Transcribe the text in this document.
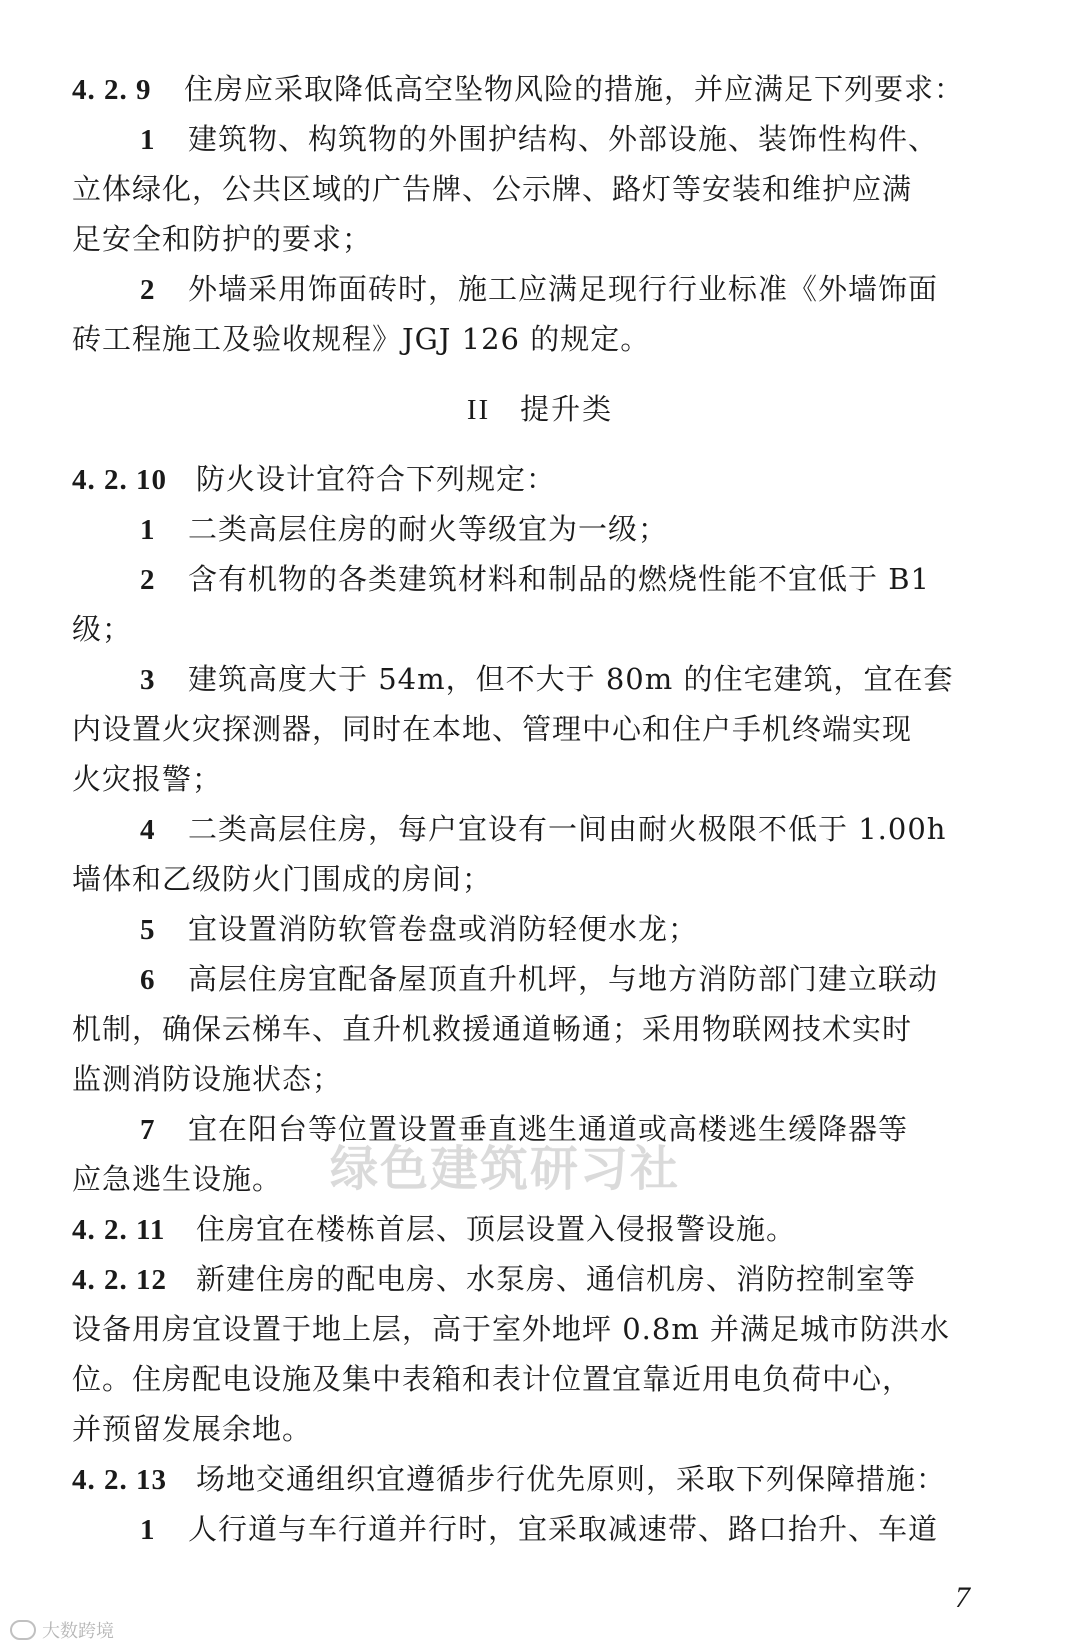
4. 2. 9 住房应采取降低高空坠物风险的措施，并应满足下列要求：
1 建筑物、构筑物的外围护结构、外部设施、装饰性构件、
立体绿化，公共区域的广告牌、公示牌、路灯等安装和维护应满
足安全和防护的要求；
2 外墙采用饰面砖时，施工应满足现行行业标准《外墙饰面
砖工程施工及验收规程》JGJ 126 的规定。
II 提升类
4. 2. 10 防火设计宜符合下列规定：
1 二类高层住房的耐火等级宜为一级；
2 含有机物的各类建筑材料和制品的燃烧性能不宜低于 B1
级；
3 建筑高度大于 54m，但不大于 80m 的住宅建筑，宜在套
内设置火灾探测器，同时在本地、管理中心和住户手机终端实现
火灾报警；
4 二类高层住房，每户宜设有一间由耐火极限不低于 1.00h
墙体和乙级防火门围成的房间；
5 宜设置消防软管卷盘或消防轻便水龙；
6 高层住房宜配备屋顶直升机坪，与地方消防部门建立联动
机制，确保云梯车、直升机救援通道畅通；采用物联网技术实时
监测消防设施状态；
7 宜在阳台等位置设置垂直逃生通道或高楼逃生缓降器等
应急逃生设施。
4. 2. 11 住房宜在楼栋首层、顶层设置入侵报警设施。
4. 2. 12 新建住房的配电房、水泵房、通信机房、消防控制室等
设备用房宜设置于地上层，高于室外地坪 0.8m 并满足城市防洪水
位。住房配电设施及集中表箱和表计位置宜靠近用电负荷中心，
并预留发展余地。
4. 2. 13 场地交通组织宜遵循步行优先原则，采取下列保障措施：
1 人行道与车行道并行时，宜采取减速带、路口抬升、车道
绿色建筑研习社
7
大数跨境
